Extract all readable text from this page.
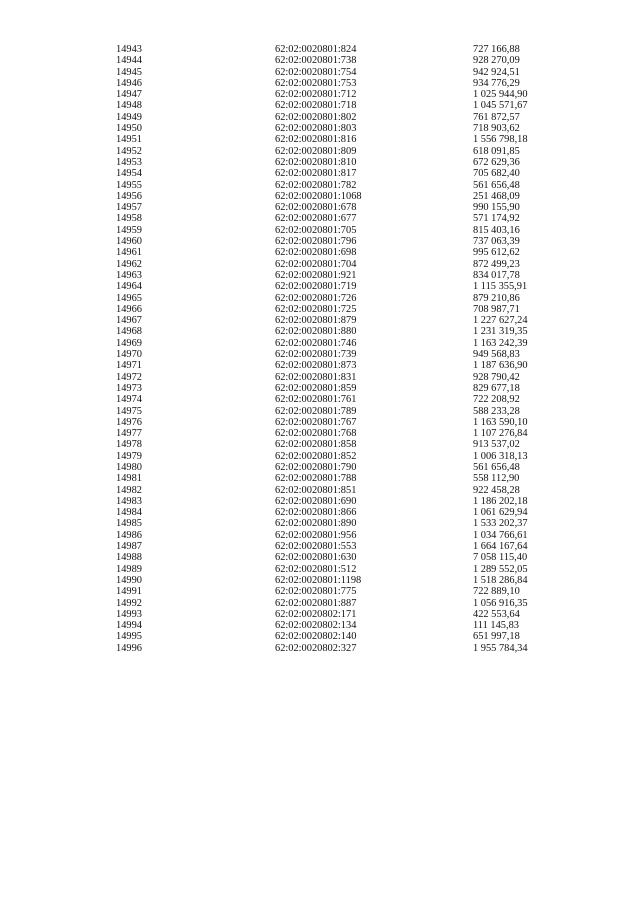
14943	62:02:0020801:824	727 166,88
14944	62:02:0020801:738	928 270,09
14945	62:02:0020801:754	942 924,51
14946	62:02:0020801:753	934 776,29
14947	62:02:0020801:712	1 025 944,90
14948	62:02:0020801:718	1 045 571,67
14949	62:02:0020801:802	761 872,57
14950	62:02:0020801:803	718 903,62
14951	62:02:0020801:816	1 556 798,18
14952	62:02:0020801:809	618 091,85
14953	62:02:0020801:810	672 629,36
14954	62:02:0020801:817	705 682,40
14955	62:02:0020801:782	561 656,48
14956	62:02:0020801:1068	251 468,09
14957	62:02:0020801:678	990 155,90
14958	62:02:0020801:677	571 174,92
14959	62:02:0020801:705	815 403,16
14960	62:02:0020801:796	737 063,39
14961	62:02:0020801:698	995 612,62
14962	62:02:0020801:704	872 499,23
14963	62:02:0020801:921	834 017,78
14964	62:02:0020801:719	1 115 355,91
14965	62:02:0020801:726	879 210,86
14966	62:02:0020801:725	708 987,71
14967	62:02:0020801:879	1 227 627,24
14968	62:02:0020801:880	1 231 319,35
14969	62:02:0020801:746	1 163 242,39
14970	62:02:0020801:739	949 568,83
14971	62:02:0020801:873	1 187 636,90
14972	62:02:0020801:831	928 790,42
14973	62:02:0020801:859	829 677,18
14974	62:02:0020801:761	722 208,92
14975	62:02:0020801:789	588 233,28
14976	62:02:0020801:767	1 163 590,10
14977	62:02:0020801:768	1 107 276,84
14978	62:02:0020801:858	913 537,02
14979	62:02:0020801:852	1 006 318,13
14980	62:02:0020801:790	561 656,48
14981	62:02:0020801:788	558 112,90
14982	62:02:0020801:851	922 458,28
14983	62:02:0020801:690	1 186 202,18
14984	62:02:0020801:866	1 061 629,94
14985	62:02:0020801:890	1 533 202,37
14986	62:02:0020801:956	1 034 766,61
14987	62:02:0020801:553	1 664 167,64
14988	62:02:0020801:630	7 058 115,40
14989	62:02:0020801:512	1 289 552,05
14990	62:02:0020801:1198	1 518 286,84
14991	62:02:0020801:775	722 889,10
14992	62:02:0020801:887	1 056 916,35
14993	62:02:0020802:171	422 553,64
14994	62:02:0020802:134	111 145,83
14995	62:02:0020802:140	651 997,18
14996	62:02:0020802:327	1 955 784,34
